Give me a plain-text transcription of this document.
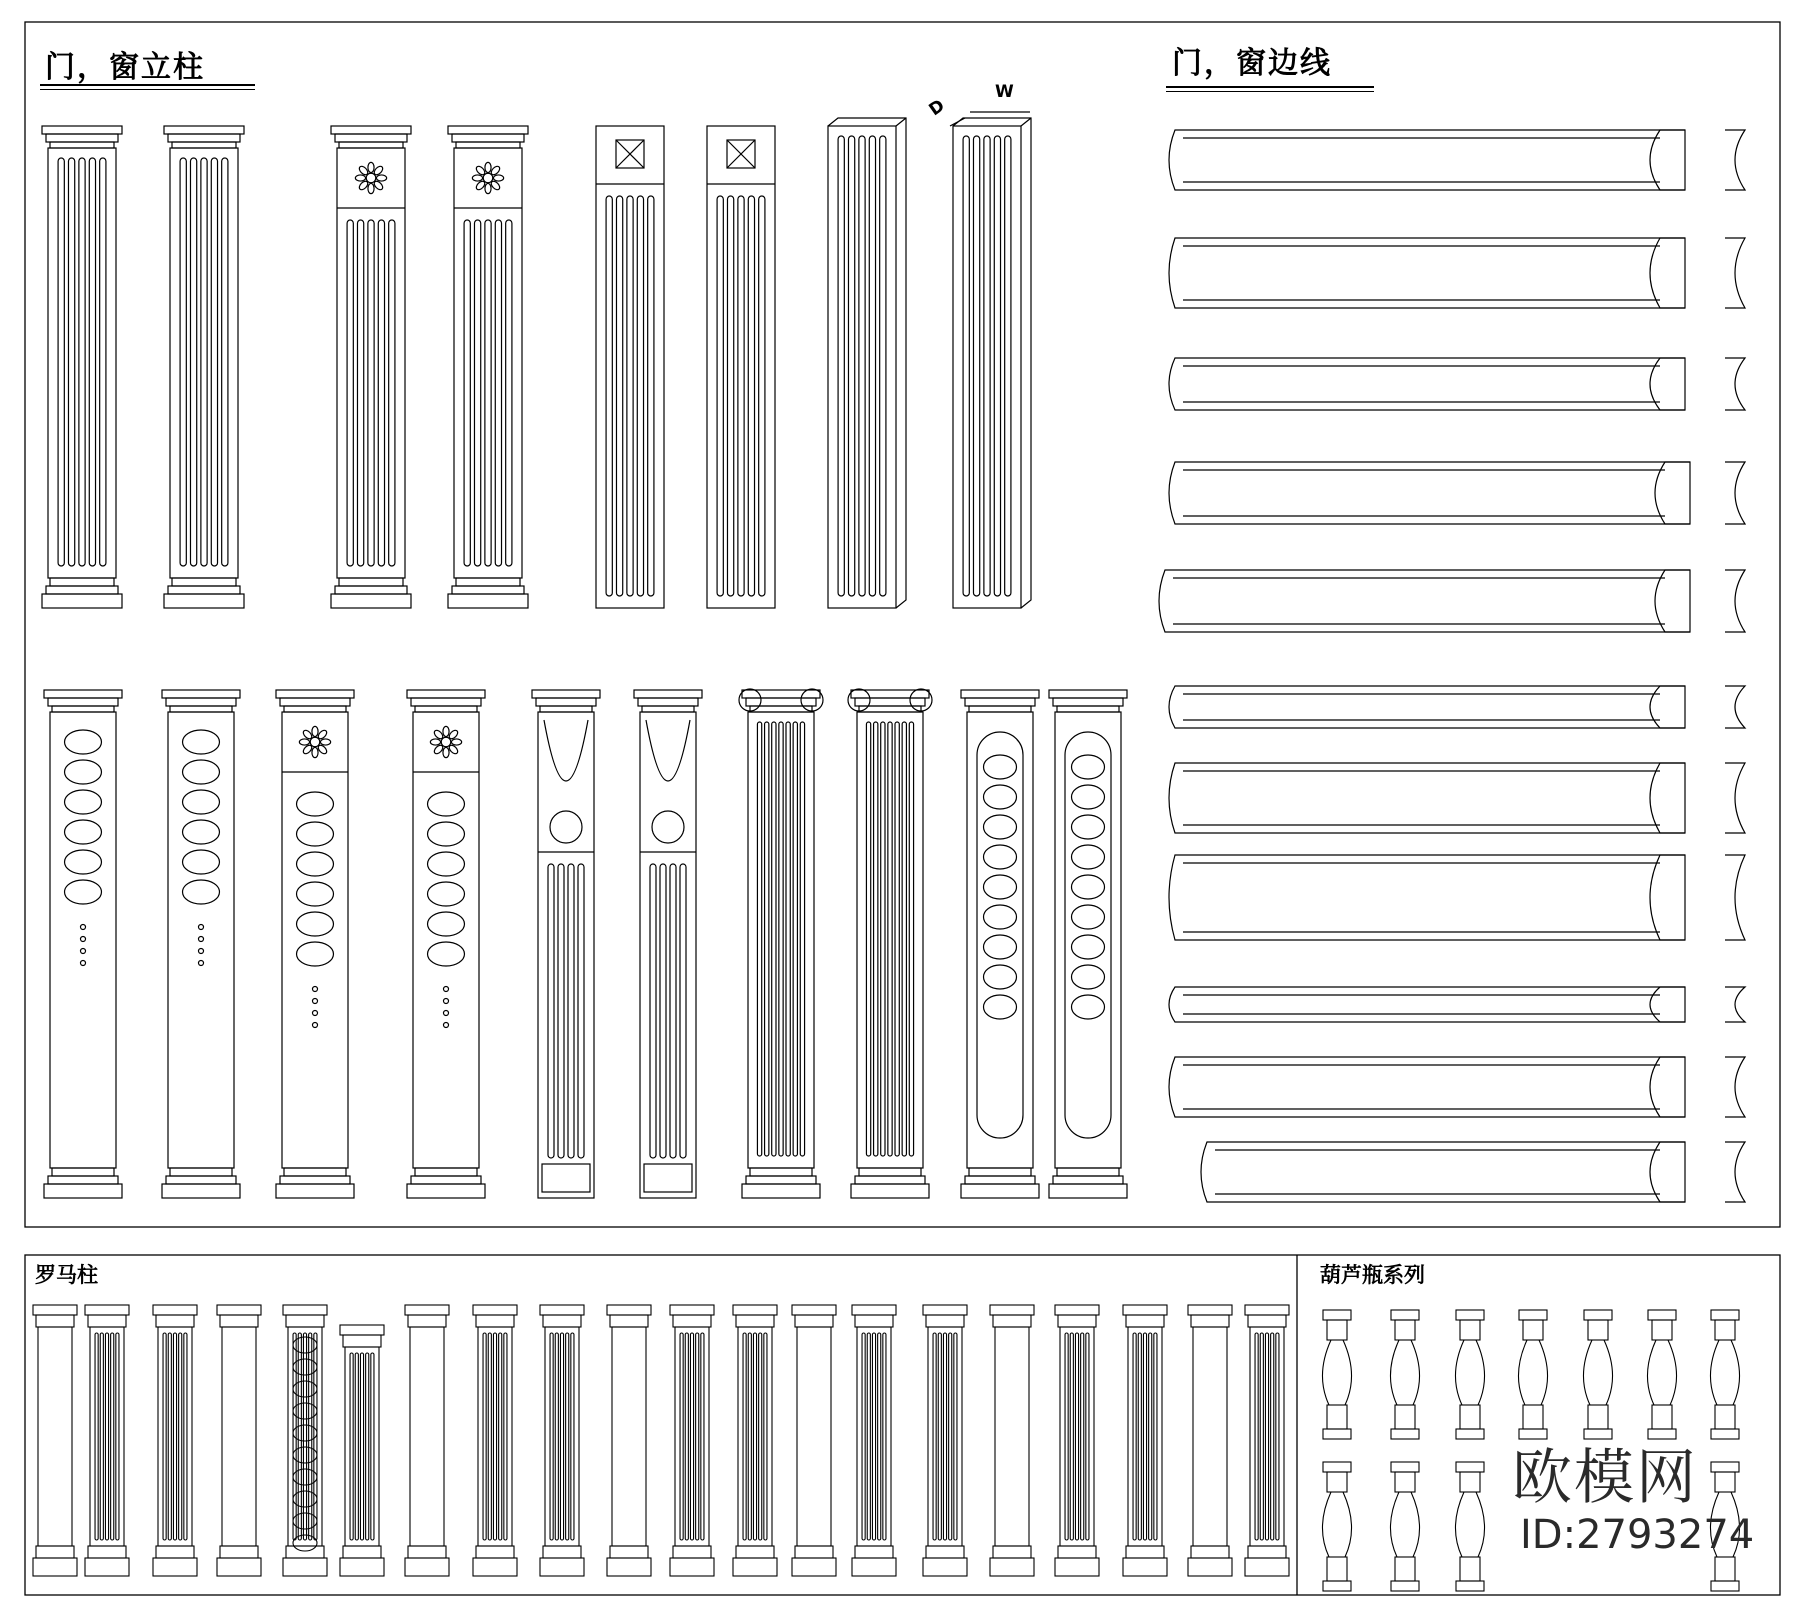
门，窗立柱	门，窗边线
罗马柱	葫芦瓶系列
D
W
欧模网
ID:2793274
